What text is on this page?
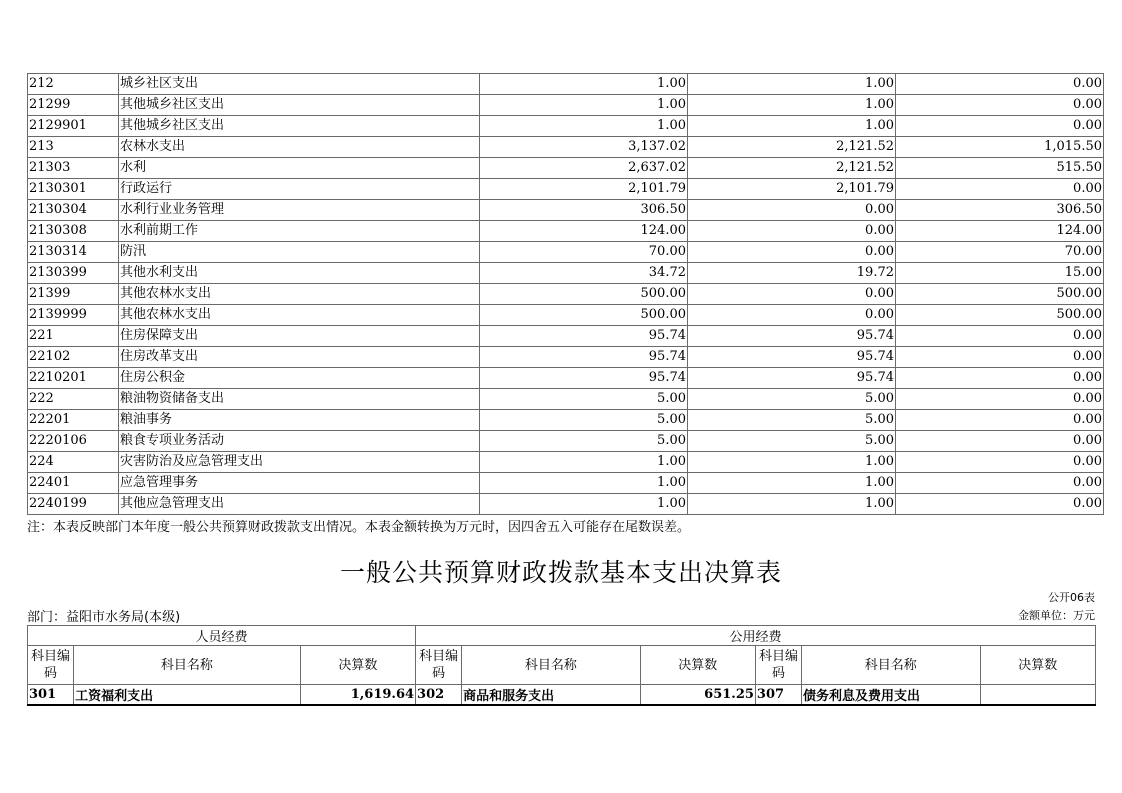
212	城乡社区支出	1.00	1.00	0.00
21299	其他城乡社区支出	1.00	1.00	0.00
2129901	其他城乡社区支出	1.00	1.00	0.00
213	农林水支出	3,137.02	2,121.52	1,015.50
21303	水利	2,637.02	2,121.52	515.50
2130301	行政运行	2,101.79	2,101.79	0.00
2130304	水利行业业务管理	306.50	0.00	306.50
2130308	水利前期工作	124.00	0.00	124.00
2130314	防汛	70.00	0.00	70.00
2130399	其他水利支出	34.72	19.72	15.00
21399	其他农林水支出	500.00	0.00	500.00
2139999	其他农林水支出	500.00	0.00	500.00
221	住房保障支出	95.74	95.74	0.00
22102	住房改革支出	95.74	95.74	0.00
2210201	住房公积金	95.74	95.74	0.00
222	粮油物资储备支出	5.00	5.00	0.00
22201	粮油事务	5.00	5.00	0.00
2220106	粮食专项业务活动	5.00	5.00	0.00
224	灾害防治及应急管理支出	1.00	1.00	0.00
22401	应急管理事务	1.00	1.00	0.00
2240199	其他应急管理支出	1.00	1.00	0.00
注：本表反映部门本年度一般公共预算财政拨款支出情况。本表金额转换为万元时，因四舍五入可能存在尾数误差。
一般公共预算财政拨款基本支出决算表
公开06表
部门：益阳市水务局(本级)	金额单位：万元
人员经费			公用经费					
科目编码	科目名称	决算数	科目编码	科目名称	决算数	科目编码	科目名称	决算数
301	工资福利支出	1,619.64	302	商品和服务支出	651.25	307	债务利息及费用支出	
